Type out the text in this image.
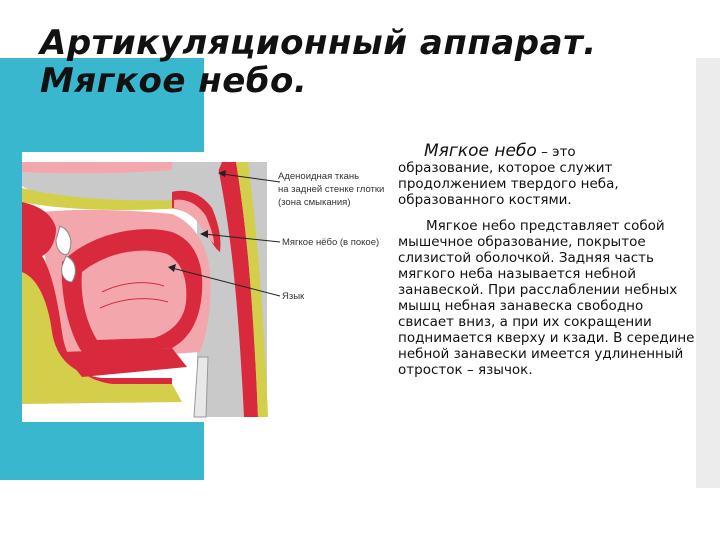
Артикуляционный аппарат.
Мягкое небо.
Аденоидная ткань
на задней стенке глотки
(зона смыкания)
Мягкое нёбо (в покое)
Язык

Мягкое небо – это

образование, которое служит продолжением твердого неба, образованного костями.

Мягкое небо представляет собой мышечное образование, покрытое слизистой оболочкой. Задняя часть мягкого неба называется небной занавеской. При расслаблении небных мышц небная занавеска свободно свисает вниз, а при их сокращении поднимается кверху и кзади. В середине небной занавески имеется удлиненный отросток – язычок.
